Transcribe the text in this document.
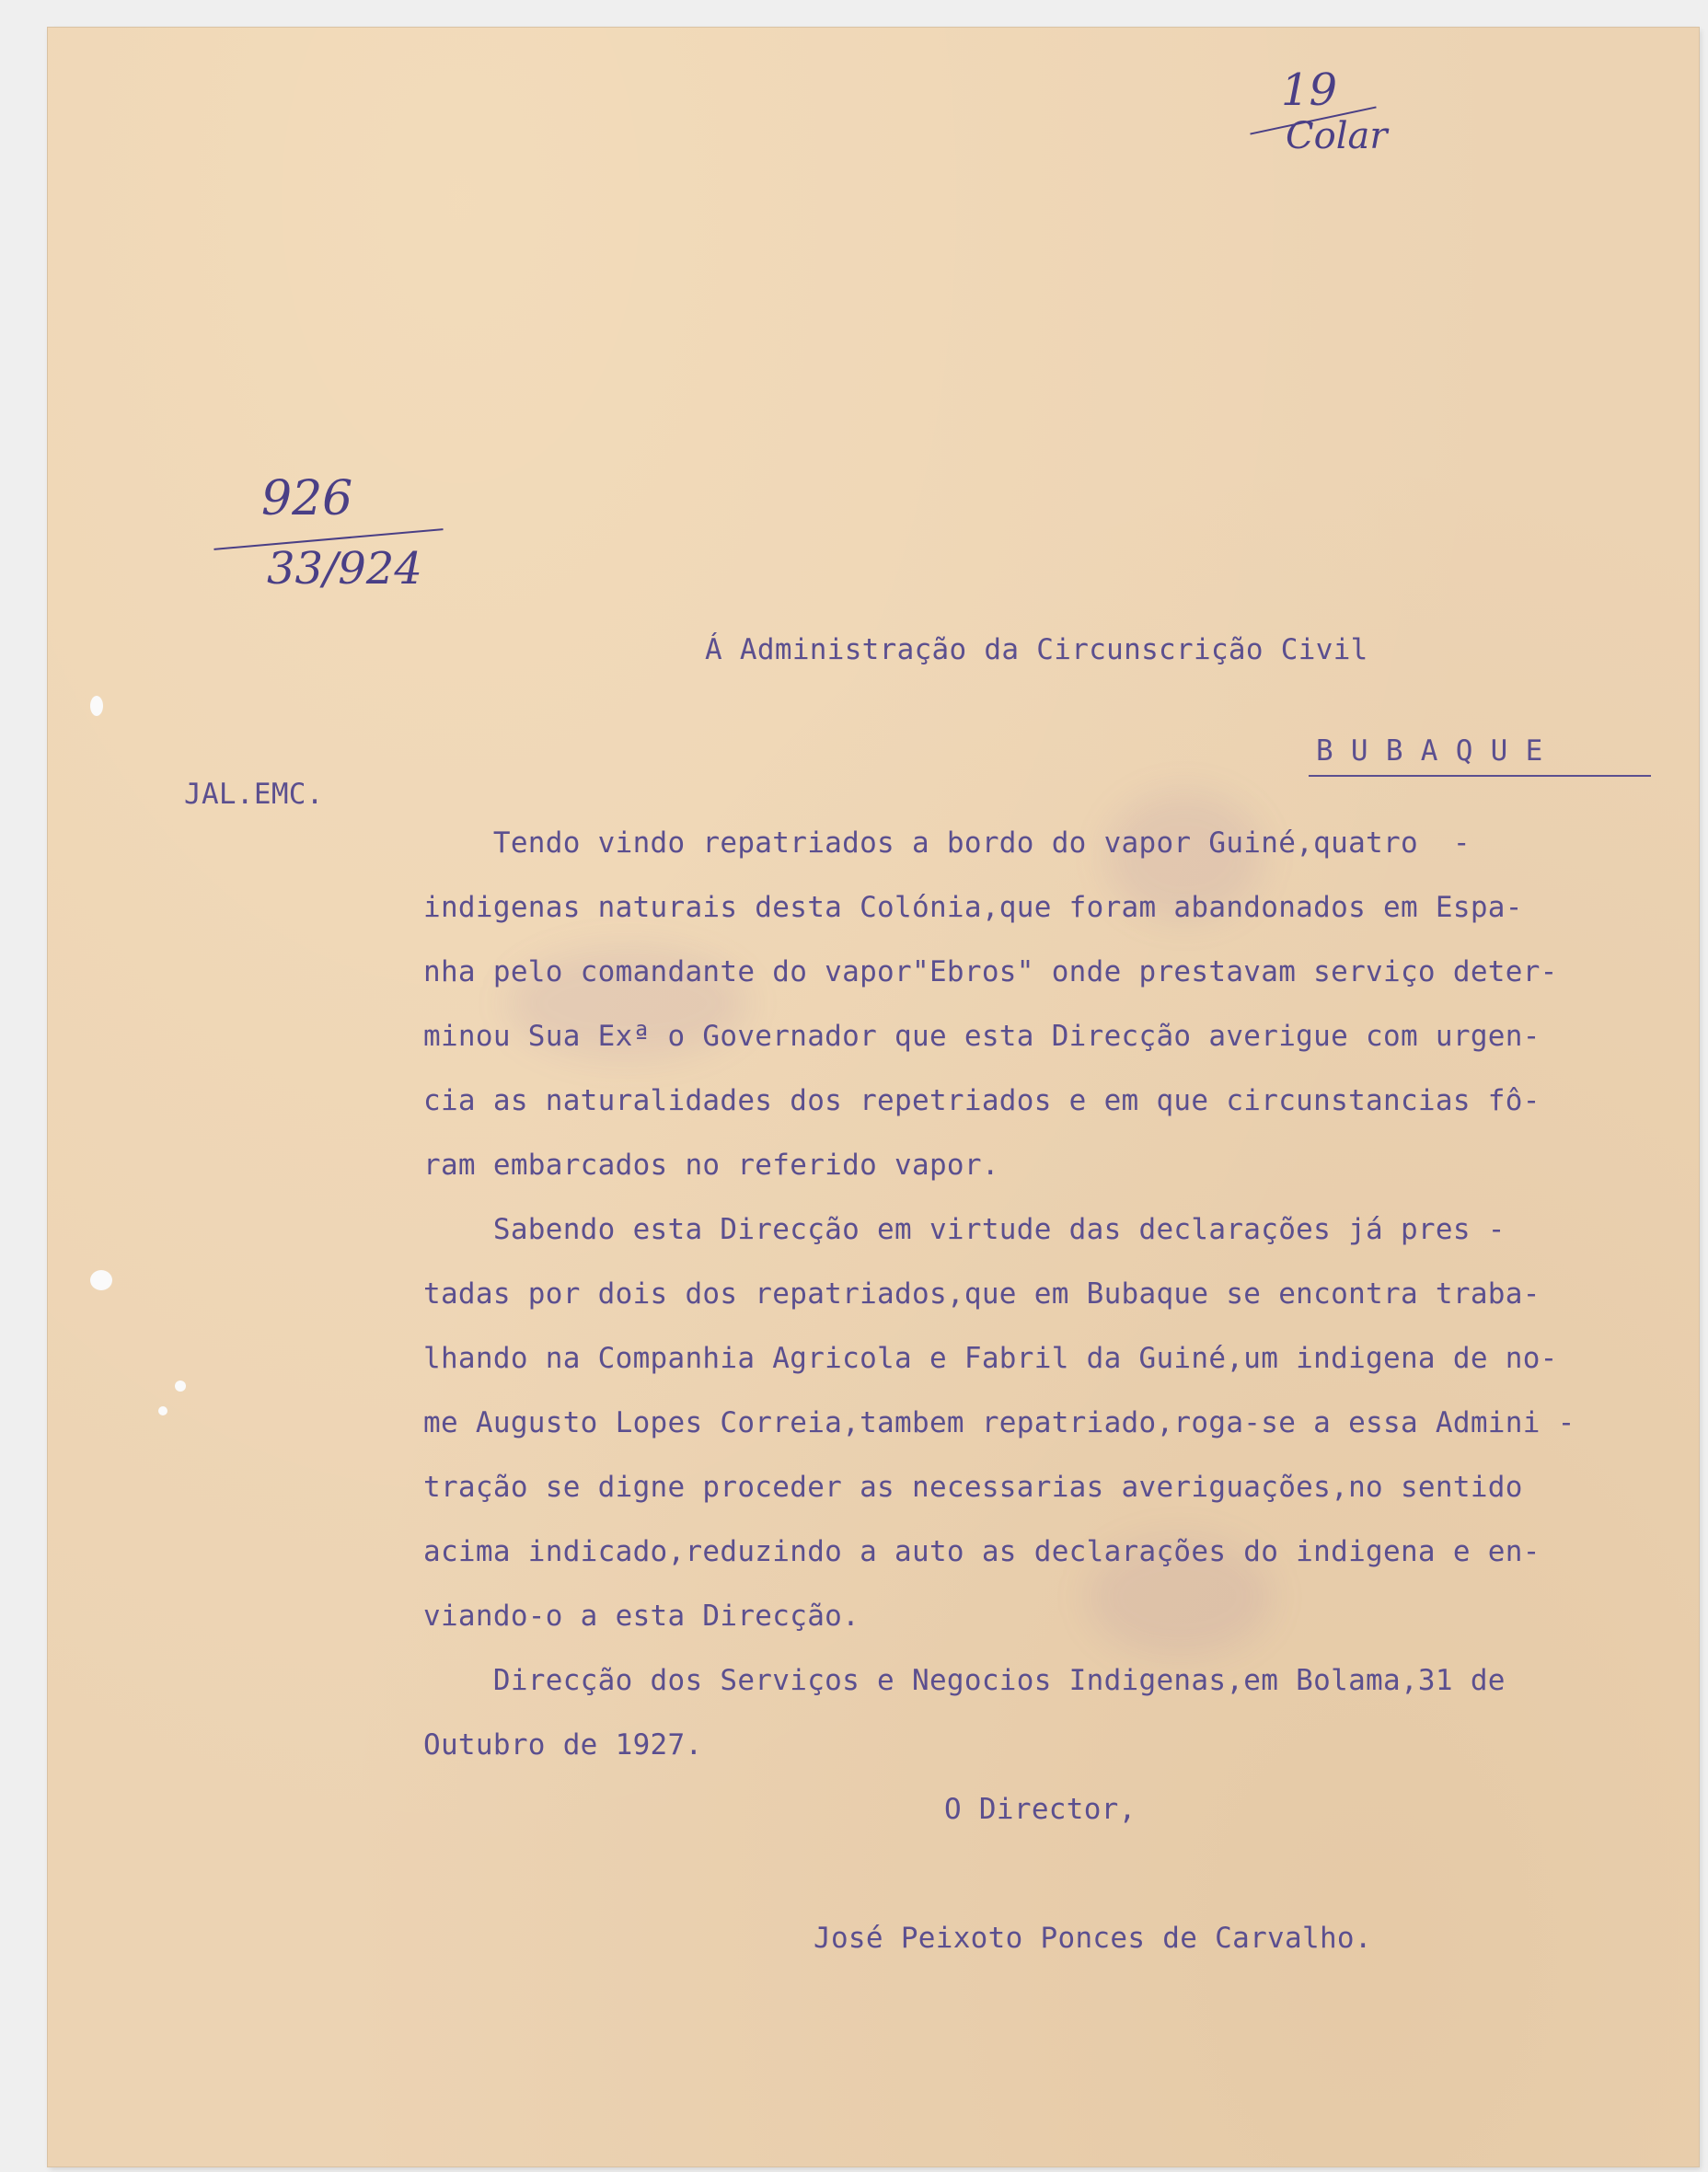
19
Colar
926
33/924
Á Administração da Circunscrição Civil
B U B A Q U E
JAL.EMC.
Tendo vindo repatriados a bordo do vapor Guiné,quatro  -
indigenas naturais desta Colónia,que foram abandonados em Espa-
nha pelo comandante do vapor"Ebros" onde prestavam serviço deter-
minou Sua Exª o Governador que esta Direcção averigue com urgen-
cia as naturalidades dos repetriados e em que circunstancias fô-
ram embarcados no referido vapor.
Sabendo esta Direcção em virtude das declarações já pres -
tadas por dois dos repatriados,que em Bubaque se encontra traba-
lhando na Companhia Agricola e Fabril da Guiné,um indigena de no-
me Augusto Lopes Correia,tambem repatriado,roga-se a essa Admini -
tração se digne proceder as necessarias averiguações,no sentido
acima indicado,reduzindo a auto as declarações do indigena e en-
viando-o a esta Direcção.
Direcção dos Serviços e Negocios Indigenas,em Bolama,31 de
Outubro de 1927.
O Director,
José Peixoto Ponces de Carvalho.
